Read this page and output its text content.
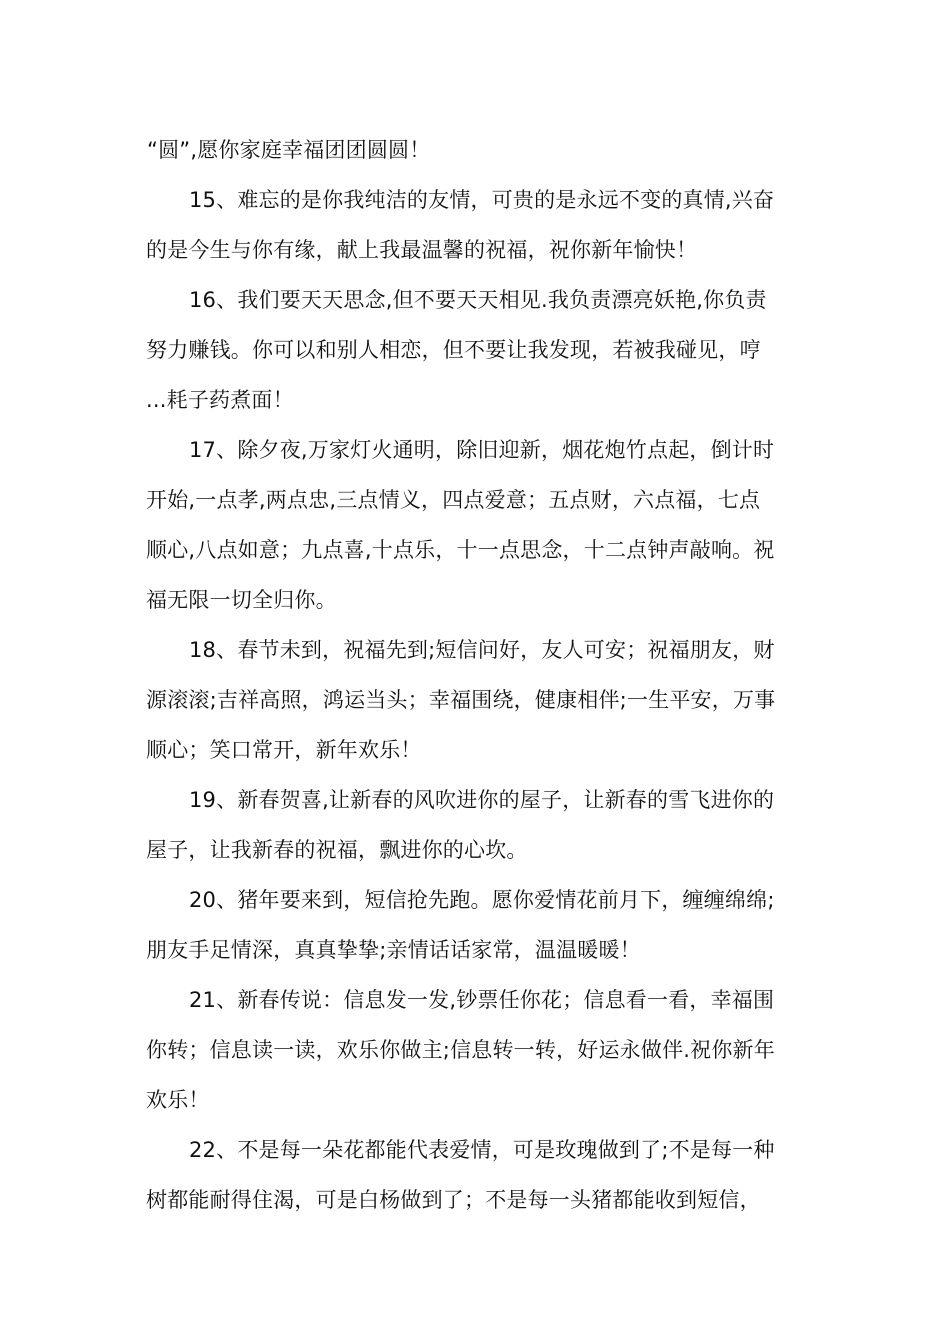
“圆”,愿你家庭幸福团团圆圆！
15、难忘的是你我纯洁的友情，可贵的是永远不变的真情,兴奋
的是今生与你有缘，献上我最温馨的祝福，祝你新年愉快！
16、我们要天天思念,但不要天天相见.我负责漂亮妖艳,你负责
努力赚钱。你可以和别人相恋，但不要让我发现，若被我碰见，哼
...耗子药煮面！
17、除夕夜,万家灯火通明，除旧迎新，烟花炮竹点起，倒计时
开始,一点孝,两点忠,三点情义，四点爱意；五点财，六点福，七点
顺心,八点如意；九点喜,十点乐，十一点思念，十二点钟声敲响。祝
福无限一切全归你。
18、春节未到，祝福先到;短信问好，友人可安；祝福朋友，财
源滚滚;吉祥高照，鸿运当头；幸福围绕，健康相伴;一生平安，万事
顺心；笑口常开，新年欢乐！
19、新春贺喜,让新春的风吹进你的屋子，让新春的雪飞进你的
屋子，让我新春的祝福，飘进你的心坎。
20、猪年要来到，短信抢先跑。愿你爱情花前月下，缠缠绵绵;
朋友手足情深，真真挚挚;亲情话话家常，温温暖暖！
21、新春传说：信息发一发,钞票任你花；信息看一看，幸福围
你转；信息读一读，欢乐你做主;信息转一转，好运永做伴.祝你新年
欢乐！
22、不是每一朵花都能代表爱情，可是玫瑰做到了;不是每一种
树都能耐得住渴，可是白杨做到了；不是每一头猪都能收到短信，
